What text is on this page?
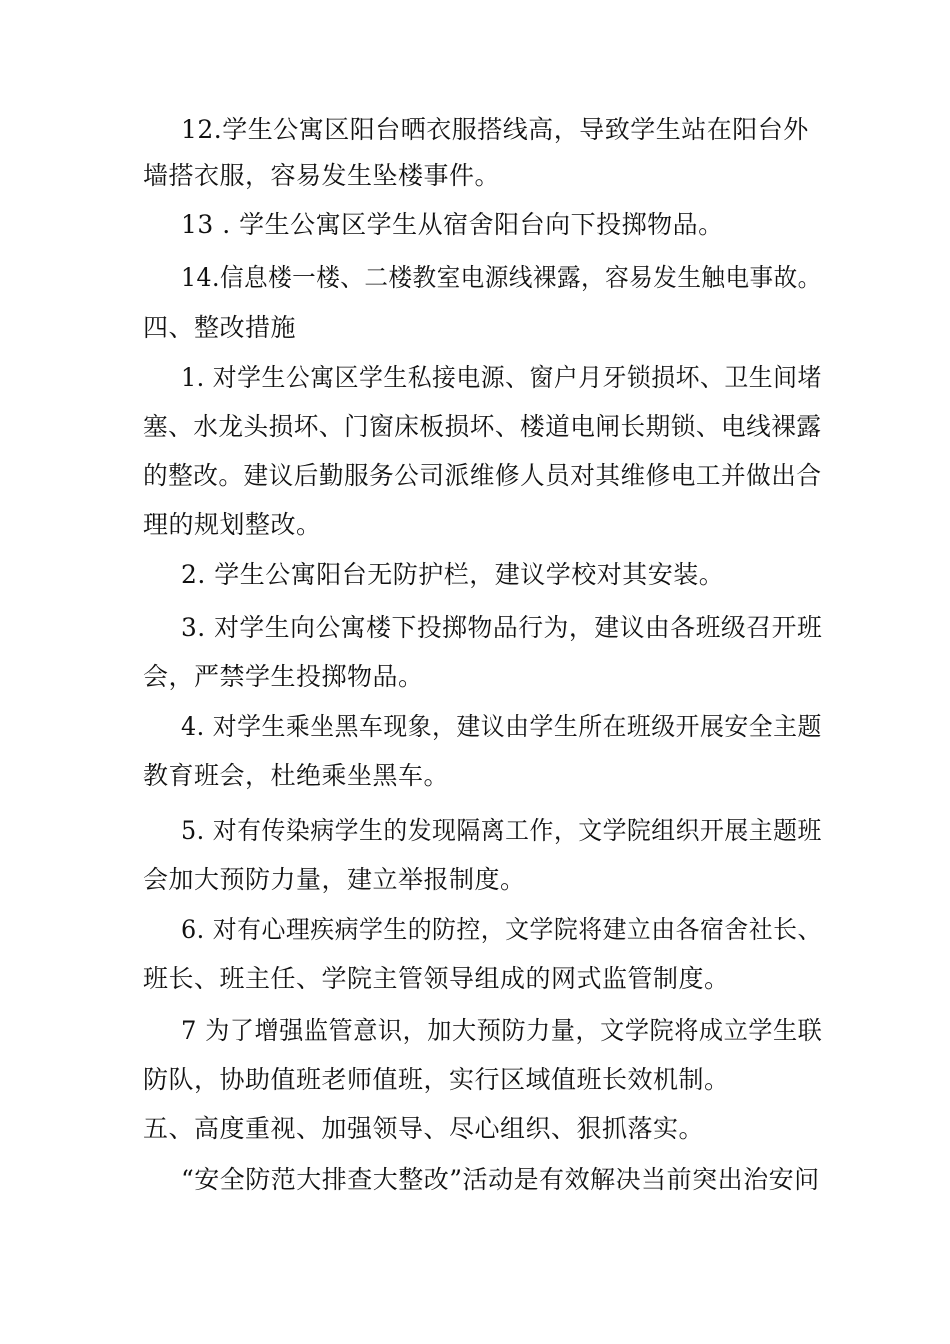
12.学生公寓区阳台晒衣服搭线高，导致学生站在阳台外
墙搭衣服，容易发生坠楼事件。
13 . 学生公寓区学生从宿舍阳台向下投掷物品。
14.信息楼一楼、二楼教室电源线裸露，容易发生触电事故。
四、整改措施
1. 对学生公寓区学生私接电源、窗户月牙锁损坏、卫生间堵
塞、水龙头损坏、门窗床板损坏、楼道电闸长期锁、电线裸露
的整改。建议后勤服务公司派维修人员对其维修电工并做出合
理的规划整改。
2. 学生公寓阳台无防护栏，建议学校对其安装。
3. 对学生向公寓楼下投掷物品行为，建议由各班级召开班
会，严禁学生投掷物品。
4. 对学生乘坐黑车现象，建议由学生所在班级开展安全主题
教育班会，杜绝乘坐黑车。
5. 对有传染病学生的发现隔离工作，文学院组织开展主题班
会加大预防力量，建立举报制度。
6. 对有心理疾病学生的防控，文学院将建立由各宿舍社长、
班长、班主任、学院主管领导组成的网式监管制度。
7 为了增强监管意识，加大预防力量，文学院将成立学生联
防队，协助值班老师值班，实行区域值班长效机制。
五、高度重视、加强领导、尽心组织、狠抓落实。
“安全防范大排查大整改”活动是有效解决当前突出治安问
